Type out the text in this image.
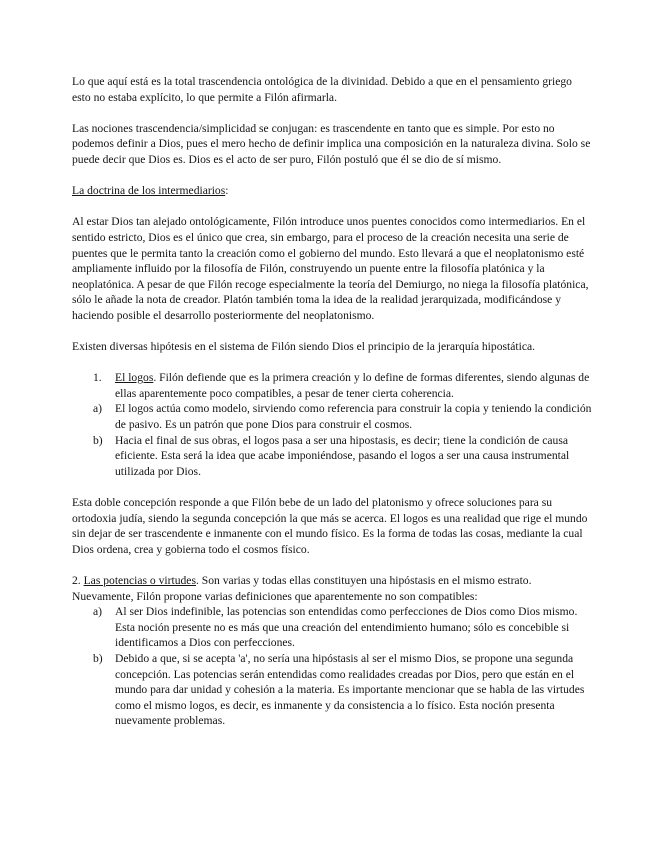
Lo que aquí está es la total trascendencia ontológica de la divinidad. Debido a que en el pensamiento griego esto no estaba explícito, lo que permite a Filón afirmarla.

Las nociones trascendencia/simplicidad se conjugan: es trascendente en tanto que es simple. Por esto no podemos definir a Dios, pues el mero hecho de definir implica una composición en la naturaleza divina. Solo se puede decir que Dios es. Dios es el acto de ser puro, Filón postuló que él se dio de sí mismo.

La doctrina de los intermediarios:

Al estar Dios tan alejado ontológicamente, Filón introduce unos puentes conocidos como intermediarios. En el sentido estricto, Dios es el único que crea, sin embargo, para el proceso de la creación necesita una serie de puentes que le permita tanto la creación como el gobierno del mundo. Esto llevará a que el neoplatonismo esté ampliamente influido por la filosofía de Filón, construyendo un puente entre la filosofía platónica y la neoplatónica. A pesar de que Filón recoge especialmente la teoría del Demiurgo, no niega la filosofía platónica, sólo le añade la nota de creador. Platón también toma la idea de la realidad jerarquizada, modificándose y haciendo posible el desarrollo posteriormente del neoplatonismo.

Existen diversas hipótesis en el sistema de Filón siendo Dios el principio de la jerarquía hipostática.

1.	El logos. Filón defiende que es la primera creación y lo define de formas diferentes, siendo algunas de ellas aparentemente poco compatibles, a pesar de tener cierta coherencia.
a)	El logos actúa como modelo, sirviendo como referencia para construir la copia y teniendo la condición de pasivo. Es un patrón que pone Dios para construir el cosmos.
b)	Hacia el final de sus obras, el logos pasa a ser una hipostasis, es decir; tiene la condición de causa eficiente. Esta será la idea que acabe imponiéndose, pasando el logos a ser una causa instrumental utilizada por Dios.

Esta doble concepción responde a que Filón bebe de un lado del platonismo y ofrece soluciones para su ortodoxia judía, siendo la segunda concepción la que más se acerca. El logos es una realidad que rige el mundo sin dejar de ser trascendente e inmanente con el mundo físico. Es la forma de todas las cosas, mediante la cual Dios ordena, crea y gobierna todo el cosmos físico.

2. Las potencias o virtudes. Son varias y todas ellas constituyen una hipóstasis en el mismo estrato. Nuevamente, Filón propone varias definiciones que aparentemente no son compatibles:

a)	Al ser Dios indefinible, las potencias son entendidas como perfecciones de Dios como Dios mismo. Esta noción presente no es más que una creación del entendimiento humano; sólo es concebible si identificamos a Dios con perfecciones.
b)	Debido a que, si se acepta 'a', no sería una hipóstasis al ser el mismo Dios, se propone una segunda concepción. Las potencias serán entendidas como realidades creadas por Dios, pero que están en el mundo para dar unidad y cohesión a la materia. Es importante mencionar que se habla de las virtudes como el mismo logos, es decir, es inmanente y da consistencia a lo físico. Esta noción presenta nuevamente problemas.
